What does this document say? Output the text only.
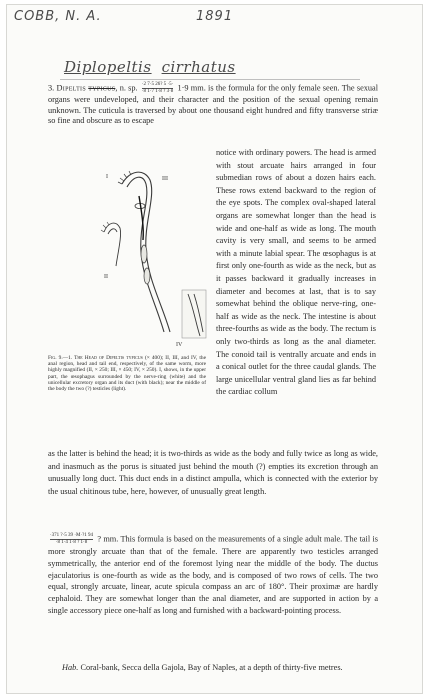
COBB, N. A.	1891
Diplopeltis cirrhatus
3. Dipeltis typicus, n. sp. $\frac{\cdot 2 7\cdot 5 26? 5 \cdot 5\cdot}{\cdot 8 1\cdot 7 1\cdot 8 ? 3\cdot 8} 1\cdot 9$ mm. is the formula for the only female seen. The sexual organs were undeveloped, and their character and the position of the sexual opening remain unknown. The cuticula is traversed by about one thousand eight hundred and fifty transverse striæ so fine and obscure as to escape

notice with ordinary powers. The head is armed with stout arcuate hairs arranged in four submedian rows of about a dozen hairs each. These rows extend backward to the region of the eye spots. The complex oval-shaped lateral organs are somewhat longer than the head is wide and one-half as wide as long. The mouth cavity is very small, and seems to be armed with a minute labial spear. The œsophagus is at first only one-fourth as wide as the neck, but as it passes backward it gradually increases in diameter and becomes at last, that is to say somewhat behind the oblique nerve-ring, one-half as wide as the neck. The intestine is about three-fourths as wide as the body. The rectum is only two-thirds as long as the anal diameter. The conoid tail is ventrally arcuate and ends in a conical outlet for the three caudal glands. The large unicellular ventral gland lies as far behind the cardiac collum

I
II
III
IV
Fig. 9.—1. The Head of Dipeltis typicus (× 400); II, III, and IV, the anal region, head and tail end, respectively, of the same worm, more highly magnified (II, × 250; III, × 450; IV, × 250). I, shows, in the upper part, the œsophagus surrounded by the nerve-ring (white) and the unicellular excretory organ and its duct (with black); near the middle of the body the two (?) testicles (light).

as the latter is behind the head; it is two-thirds as wide as the body and fully twice as long as wide, and inasmuch as the porus is situated just behind the mouth (?) empties its excretion through an unusually long duct. This duct ends in a distinct ampulla, which is connected with the exterior by the usual chitinous tube, here, however, of unusually great length.

$\frac{\cdot 371 ?\cdot 5 39 \cdot M\cdot?1 94}{\cdot 8 1\cdot 4 1\cdot 8 ? 1\cdot 8}$ ? mm. This formula is based on the measurements of a single adult male. The tail is more strongly arcuate than that of the female. There are apparently two testicles arranged symmetrically, the anterior end of the foremost lying near the middle of the body. The ductus ejaculatorius is one-fourth as wide as the body, and is composed of two rows of cells. The two equal, strongly arcuate, linear, acute spicula compass an arc of 180°. Their proximæ are hardly cephaloid. They are somewhat longer than the anal diameter, and are supported in action by a single accessory piece one-half as long and furnished with a backward-pointing process.

Hab. Coral-bank, Secca della Gajola, Bay of Naples, at a depth of thirty-five metres.
